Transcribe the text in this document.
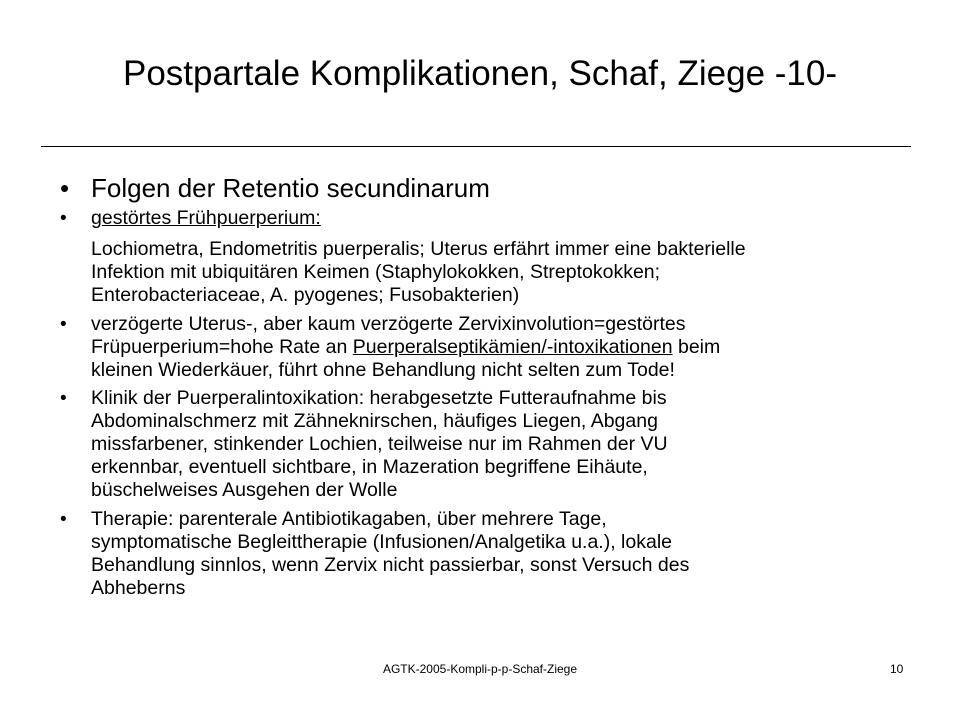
Postpartale Komplikationen, Schaf, Ziege -10-
• Folgen der Retentio secundinarum
• gestörtes Frühpuerperium:

Lochiometra, Endometritis puerperalis; Uterus erfährt immer eine bakterielle
Infektion mit ubiquitären Keimen (Staphylokokken, Streptokokken;
Enterobacteriaceae, A. pyogenes; Fusobakterien)

• verzögerte Uterus-, aber kaum verzögerte Zervixinvolution=gestörtes
Früpuerperium=hohe Rate an Puerperalseptikämien/-intoxikationen beim
kleinen Wiederkäuer, führt ohne Behandlung nicht selten zum Tode!

• Klinik der Puerperalintoxikation: herabgesetzte Futteraufnahme bis
Abdominalschmerz mit Zähneknirschen, häufiges Liegen, Abgang
missfarbener, stinkender Lochien, teilweise nur im Rahmen der VU
erkennbar, eventuell sichtbare, in Mazeration begriffene Eihäute,
büschelweises Ausgehen der Wolle

• Therapie: parenterale Antibiotikagaben, über mehrere Tage,
symptomatische Begleittherapie (Infusionen/Analgetika u.a.), lokale
Behandlung sinnlos, wenn Zervix nicht passierbar, sonst Versuch des
Abheberns

AGTK-2005-Kompli-p-p-Schaf-Ziege	10
